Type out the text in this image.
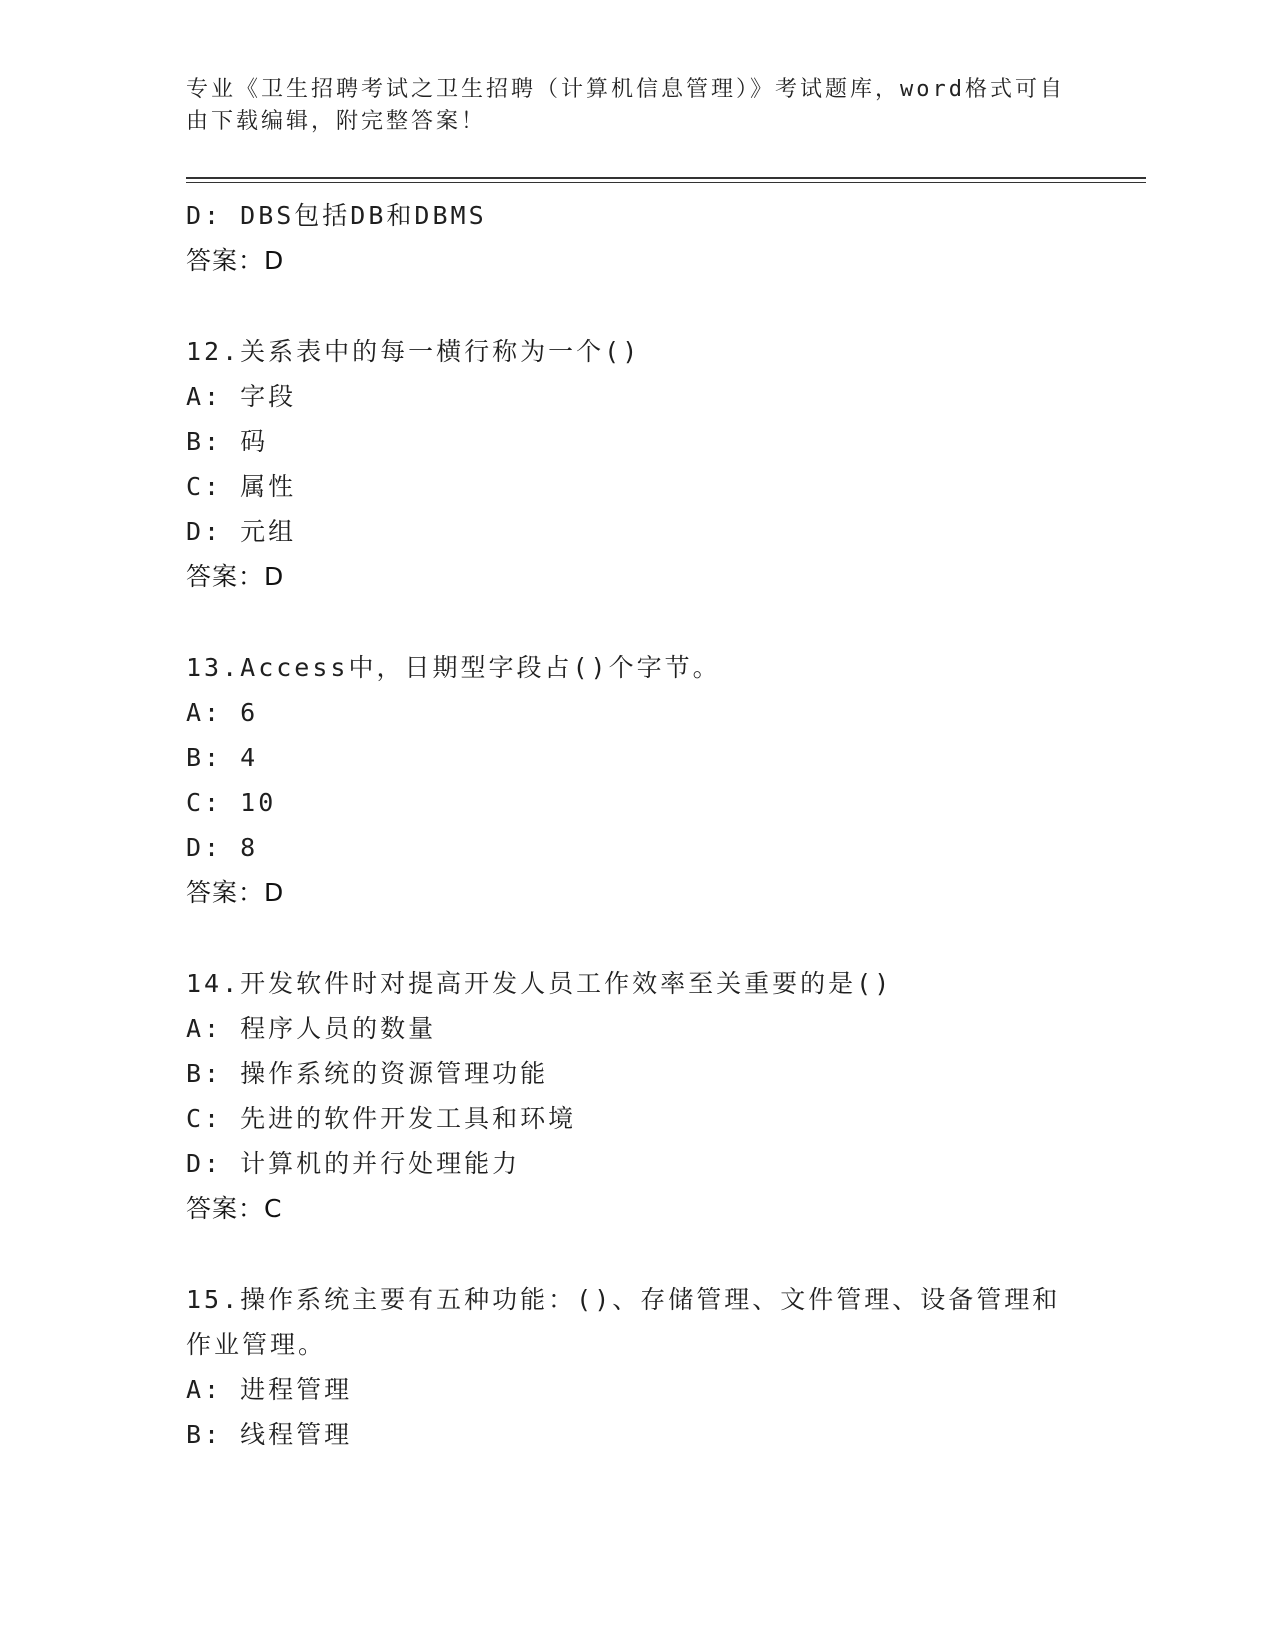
专业《卫生招聘考试之卫生招聘（计算机信息管理）》考试题库，word格式可自由下载编辑，附完整答案！
D: DBS包括DB和DBMS
答案：D
12.关系表中的每一横行称为一个()
A: 字段
B: 码
C: 属性
D: 元组
答案：D
13.Access中，日期型字段占()个字节。
A: 6
B: 4
C: 10
D: 8
答案：D
14.开发软件时对提高开发人员工作效率至关重要的是()
A: 程序人员的数量
B: 操作系统的资源管理功能
C: 先进的软件开发工具和环境
D: 计算机的并行处理能力
答案：C
15.操作系统主要有五种功能：()、存储管理、文件管理、设备管理和作业管理。
A: 进程管理
B: 线程管理
